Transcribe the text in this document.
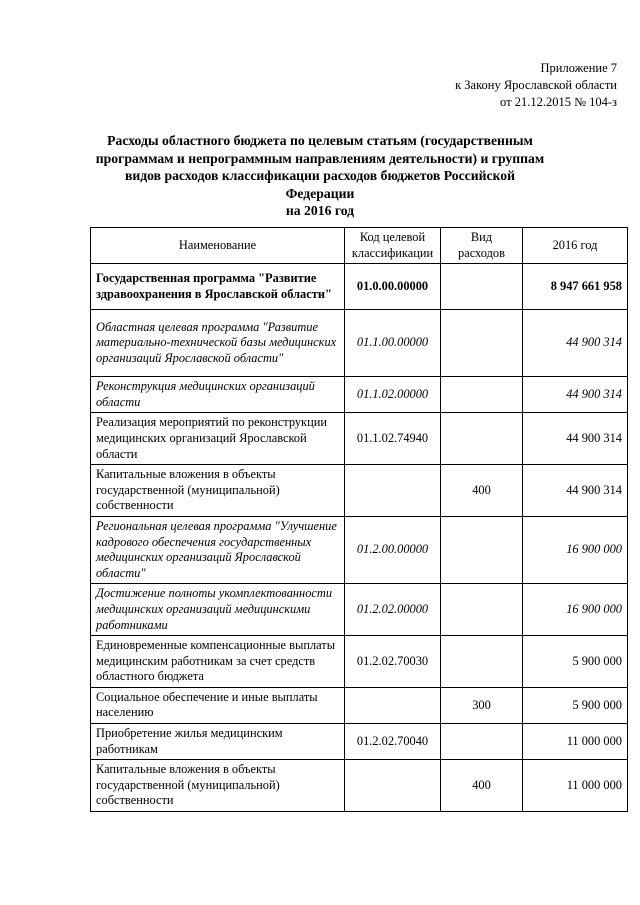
Приложение 7
к Закону Ярославской области
от 21.12.2015 № 104-з
Расходы областного бюджета по целевым статьям (государственным
программам и непрограммным направлениям деятельности) и группам
видов расходов классификации расходов бюджетов Российской Федерации
на 2016 год
Наименование	Код целевой классификации	Вид расходов	2016 год
Государственная программа "Развитие здравоохранения в Ярославской области"	01.0.00.00000		8 947 661 958
Областная целевая программа "Развитие материально-технической базы медицинских организаций Ярославской области"	01.1.00.00000		44 900 314
Реконструкция медицинских организаций области	01.1.02.00000		44 900 314
Реализация мероприятий по реконструкции медицинских организаций Ярославской области	01.1.02.74940		44 900 314
Капитальные вложения в объекты государственной (муниципальной) собственности		400	44 900 314
Региональная целевая программа "Улучшение кадрового обеспечения государственных медицинских организаций Ярославской области"	01.2.00.00000		16 900 000
Достижение полноты укомплектованности медицинских организаций медицинскими работниками	01.2.02.00000		16 900 000
Единовременные компенсационные выплаты медицинским работникам за счет средств областного бюджета	01.2.02.70030		5 900 000
Социальное обеспечение и иные выплаты населению		300	5 900 000
Приобретение жилья медицинским работникам	01.2.02.70040		11 000 000
Капитальные вложения в объекты государственной (муниципальной) собственности		400	11 000 000
